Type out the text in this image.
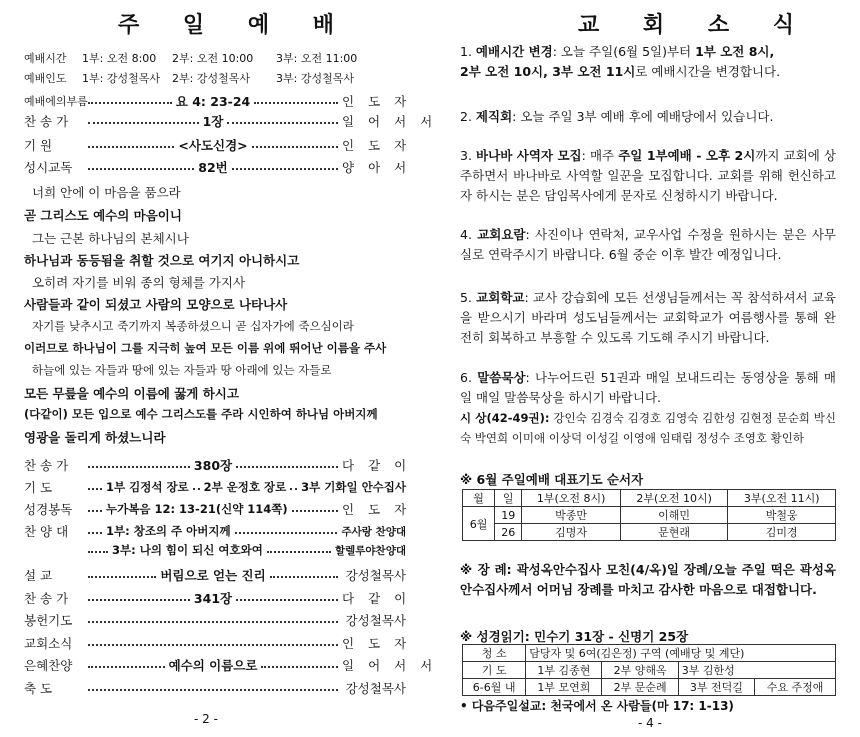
주 일 예 배
예배시간 1부: 오전 8:00 2부: 오전 10:00 3부: 오전 11:00
예배인도 1부: 강성철목사 2부: 강성철목사 3부: 강성철목사
예배에의부름	요 4: 23-24	인 도 자
찬 송 가	1장	일 어 서 서
기 원	<사도신경>	인 도 자
성시교독	82번	양 아 서
너희 안에 이 마음을 품으라
곧 그리스도 예수의 마음이니
그는 근본 하나님의 본체시나
하나님과 동등됨을 취할 것으로 여기지 아니하시고
오히려 자기를 비워 종의 형체를 가지사
사람들과 같이 되셨고 사람의 모양으로 나타나사
자기를 낮추시고 죽기까지 복종하셨으니 곧 십자가에 죽으심이라
이러므로 하나님이 그를 지극히 높여 모든 이름 위에 뛰어난 이름을 주사
하늘에 있는 자들과 땅에 있는 자들과 땅 아래에 있는 자들로
모든 무릎을 예수의 이름에 꿇게 하시고
(다같이) 모든 입으로 예수 그리스도를 주라 시인하여 하나님 아버지께
영광을 돌리게 하셨느니라
찬 송 가	380장	다 같 이
기 도	1부 김정석 장로 2부 운정호 장로 3부 기화일 안수집사
성경봉독	누가복음 12: 13-21(신약 114쪽)	인 도 자
찬 양 대	1부: 창조의 주 아버지께	주사랑 찬양대
3부: 나의 힘이 되신 여호와여	할렐루야찬양대
설 교	버림으로 얻는 진리	강성철목사
찬 송 가	341장	다 같 이
봉헌기도	강성철목사
교회소식	인 도 자
은혜찬양	예수의 이름으로	일 어 서 서
축 도	강성철목사
- 2 -
교 회 소 식
1. 예배시간 변경: 오늘 주일(6월 5일)부터 1부 오전 8시,
2부 오전 10시, 3부 오전 11시로 예배시간을 변경합니다.
2. 제직회: 오늘 주일 3부 예배 후에 예배당에서 있습니다.
3. 바나바 사역자 모집: 매주 주일 1부예배 - 오후 2시까지 교회에 상주하면서 바나바로 사역할 일꾼을 모집합니다. 교회를 위해 헌신하고자 하시는 분은 담임목사에게 문자로 신청하시기 바랍니다.
4. 교회요람: 사진이나 연락처, 교우사업 수정을 원하시는 분은 사무실로 연락주시기 바랍니다. 6월 중순 이후 발간 예정입니다.
5. 교회학교: 교사 강습회에 모든 선생님들께서는 꼭 참석하셔서 교육을 받으시기 바라며 성도님들께서는 교회학교가 여름행사를 통해 완전히 회복하고 부흥할 수 있도록 기도해 주시기 바랍니다.
6. 말씀묵상: 나누어드린 51권과 매일 보내드리는 동영상을 통해 매일 매일 말씀묵상을 하시기 바랍니다.
시 상(42-49권): 강인숙 김경숙 김경호 김영숙 김한성 김현정 문순희 박신숙 박연희 이미애 이상덕 이성길 이영애 임태림 정성수 조영호 황인하
※ 6월 주일예배 대표기도 순서자
월	일	1부(오전 8시)	2부(오전 10시)	3부(오전 11시)
6월	19	박종만	이해민	박철웅
	26	김명자	문현래	김미경
※ 장 례: 곽성옥안수집사 모친(4/옥)일 장례/오늘 주일 떡은 곽성옥 안수집사께서 어머님 장례를 마치고 감사한 마음으로 대접합니다.
※ 성경읽기: 민수기 31장 - 신명기 25장
청 소	담당자 및 6여(김은정) 구역 (예배당 및 계단)			
기 도	1부 김종현	2부 양해옥	3부 김한성	
6-6월 내	1부 모연희	2부 문순례	3부 전덕길	수요 주정애
• 다음주일설교: 천국에서 온 사람들(마 17: 1-13)
- 4 -
